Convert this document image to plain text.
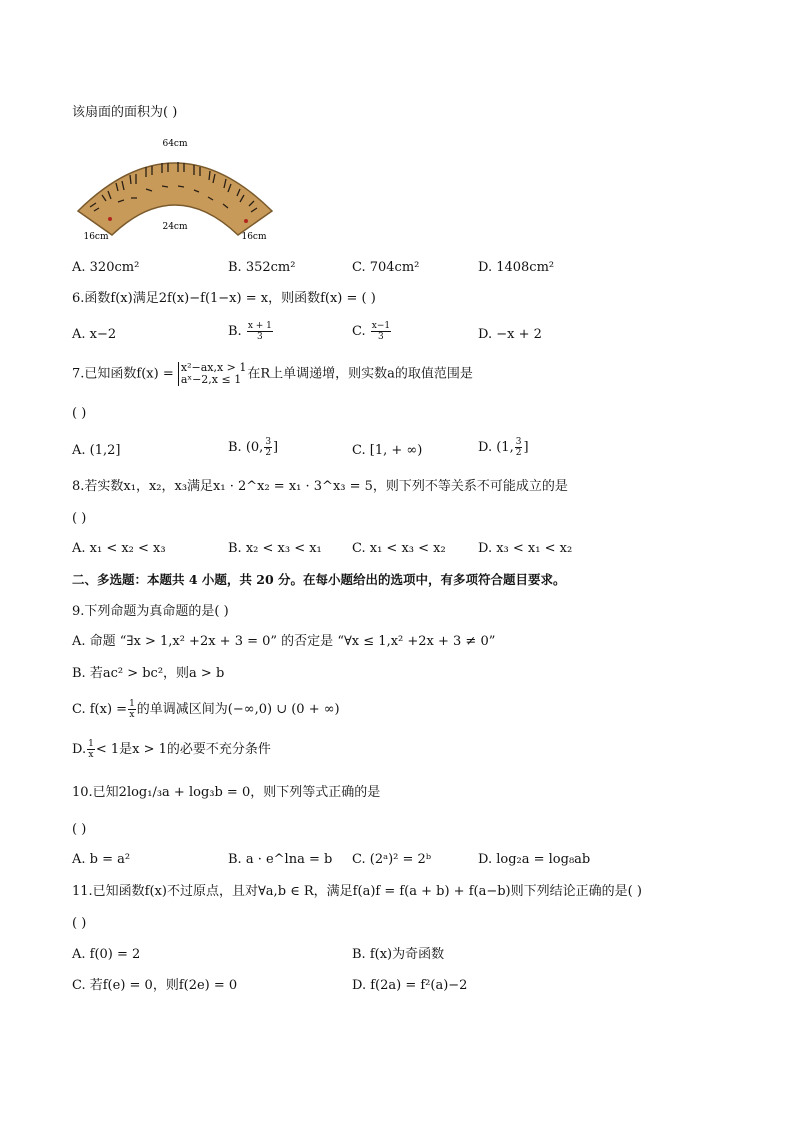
该扇面的面积为( )
64cm
24cm
16cm	16cm
A. 320cm²	B. 352cm²	C. 704cm²	D. 1408cm²
6.函数f(x)满足2f(x)−f(1−x) = x，则函数f(x) = ( )
A. x−2	B. $\frac{x + 1}{3}$	C. $\frac{x-1}{3}$	D. −x + 2
7.已知函数f(x) = x²−ax,x > 1
aˣ−2,x ≤ 1 在R上单调递增，则实数a的取值范围是
( )
A. (1,2]	B. (0, $\frac{3}{2}$ ]	C. [1, + ∞)	D. (1, $\frac{3}{2}$ ]
8.若实数x₁，x₂，x₃满足x₁ · 2^x₂ = x₁ · 3^x₃ = 5，则下列不等关系不可能成立的是
( )
A. x₁ < x₂ < x₃	B. x₂ < x₃ < x₁ C. x₁ < x₃ < x₂ D. x₃ < x₁ < x₂
二、多选题：本题共 4 小题，共 20 分。在每小题给出的选项中，有多项符合题目要求。
9.下列命题为真命题的是( )
A. 命题 “∃x > 1,x² +2x + 3 = 0” 的否定是 “∀x ≤ 1,x² +2x + 3 ≠ 0”
B. 若ac² > bc²，则a > b
C. $f(x) = \frac{1}{x}$ 的单调减区间为(−∞,0) ∪ (0 + ∞)
D. $\frac{1}{x} < 1$是x > 1的必要不充分条件
10.已知2log₁/₃a + log₃b = 0，则下列等式正确的是
( )
A. b = a²	B. a · e^lna = b C. (2ᵃ)² = 2ᵇ	D. log₂a = log₈ab
11.已知函数f(x)不过原点，且对∀a,b ∈ R，满足f(a)f = f(a + b) + f(a−b)则下列结论正确的是( )
( )
A. f(0) = 2	B. f(x)为奇函数
C. 若f(e) = 0，则f(2e) = 0	D. f(2a) = f²(a)−2
